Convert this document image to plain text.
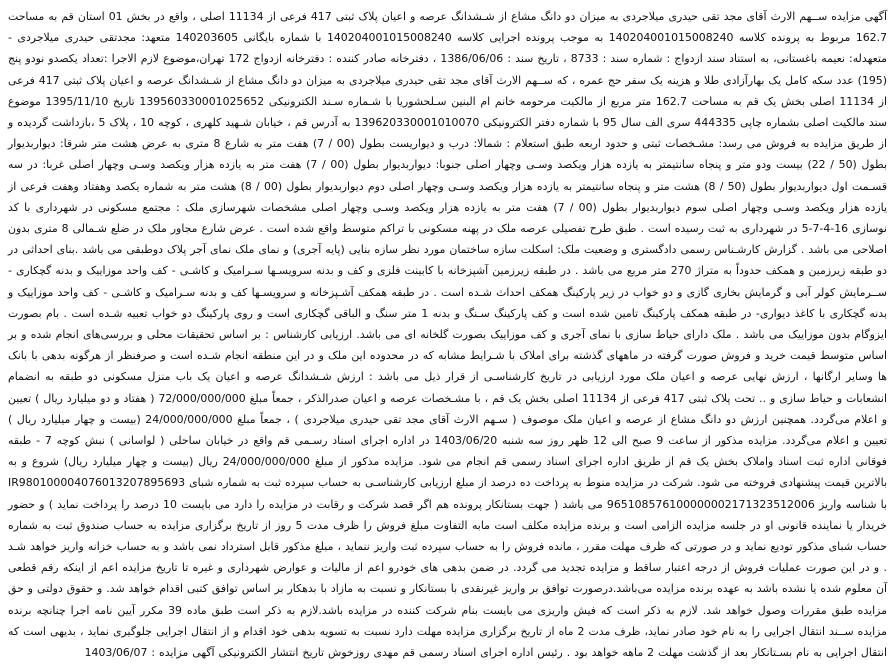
آگهی مزایده ســهم الارث آقای مجد تقی حیدری میلاجردی به میزان دو دانگ مشاع از شـشدانگ عرصه و اعیان پلاک ثبتی 417 فرعی از 11134 اصلی ، واقع در بخش 01 استان قم به مساحت 162.7 مربوط به پرونده کلاسه 140204001015008240 به موجب پرونده اجرایی کلاسه 140204001015008240 با شماره بایگانی 140203605 متعهد: مجدتقی حیدری میلاجردی - متعهدله: نعیمه باغستانی، به استناد سند ازدواج : شماره سند : 8733 ، تاریخ سند : 1386/06/06 ، دفترخانه صادر کننده : دفترخانه ازدواج 172 تهران،موضوع لازم الاجرا :تعداد یکصدو نودو پنج (195) عدد سکه کامل یک بهارآزادی طلا و هزینه یک سفر حج عمره ، که ســهم الارث آقای مجد تقی حیدری میلاجردی به میزان دو دانگ مشاع از شـشدانگ عرصه و اعیان پلاک ثبتی 417 فرعی از 11134 اصلی بخش یک قم به مساحت 162.7 متر مربع از مالکیت مرحومه خانم ام البنین سـلحشوریا با شـماره سـند الکترونیکی 139560330001025652 تاریخ 1395/11/10 موضوع سند مالکیت اصلی بشماره چاپی 444335 سری الف سال 95 با شماره دفتر الکترونیکی 139620330001010070 به آدرس قم ، خیابان شـهید کلهری ، کوچه 10 ، پلاک 5 ،بازداشت گردیده و از طریق مزایده به فروش می رسد: مشـخصات ثبتی و حدود اربعه طبق استعلام : شمالا: درب و دیواریست بطول (00 / 7) هفت متر به شارع 8 متری به عرض هشت متر شرقا: دیواربدیوار بطول (50 / 22) بیست ودو متر و پنجاه سانتیمتر به یازده هزار ویکصد وسـی وچهار اصلی جنوبا: دیواربدیوار بطول (00 / 7) هفت متر به یازده هزار ویکصد وسـی وچهار اصلی غربا: در سه قسـمت اول دیواربدیوار بطول (50 / 8) هشت متر و پنجاه سانتیمتر به یازده هزار ویکصد وسـی وچهار اصلی دوم دیواربدیوار بطول (00 / 8) هشت متر به شماره یکصد وهفتاد وهفت فرعی از یازده هزار ویکصد وسـی وچهار اصلی سوم دیواربدیوار بطول (00 / 7) هفت متر به یازده هزار ویکصد وسـی وچهار اصلی مشخصات شهرسازی ملک : مجتمع مسکونی در شهرداری با کد نوسازی 16-4-7-5 در شهرداری به ثبت رسیده است . طبق طرح تفصیلی عرصه ملک در پهنه مسکونی با تراکم متوسط واقع شده است . عرض شارع مجاور ملک در ضلع شـمالی 8 متری بدون اصلاحی می باشد . گزارش کارشـناس رسمی دادگستری و وضعیت ملک: اسکلت سازه ساختمان مورد نظر سازه بنایی (پایه آجری) و نمای ملک نمای آجر پلاک دوطبقی می باشد .بنای احداثی در دو طبقه زیرزمین و همکف حدوداً به متراژ 270 متر مربع می باشد . در طبقه زیرزمین آشپزخانه با کابینت فلزی و کف و بدنه سرویسـها سـرامیک و کاشـی - کف واحد موزاییک و بدنه گچکاری - ســرمایش کولر آبی و گرمایش بخاری گازی و دو خواب در زیر پارکینگ همکف احداث شـده است . در طبقه همکف آشـپزخانه و سرویسـها کف و بدنه سـرامیک و کاشـی - کف واحد موزاییک و بدنه گچکاری با کاغذ دیواری- در طبقه همکف پارکینگ تامین شده است و کف پارکینگ سـنگ و بدنه 1 متر سنگ و الباقی گچکاری است و روی پارکینگ دو خواب تعبیه شـده است . بام بصورت ایزوگام بدون موزاییک می باشد . ملک دارای حیاط سازی با نمای آجری و کف موزاییک بصورت گلخانه ای می باشد. ارزیابی کارشناس : بر اساس تحقیقات محلی و بررسی‌های انجام شده و بر اساس متوسط قیمت خرید و فروش صورت گرفته در ماههای گذشته برای املاک با شـرایط مشابه که در محدوده این ملک و در این منطقه انجام شـده است و صرفنظر از هرگونه بدهی با بانک ها وسایر ارگانها ، ارزش نهایی عرصه و اعیان ملک مورد ارزیابی در تاریخ کارشناسـی از قرار ذیل می باشد : ارزش شـشدانگ عرصه و اعیان یک باب منزل مسکونی دو طبقه به انضمام انشعابات و حیاط سازی و .. تحت پلاک ثبتی 417 فرعی از 11134 اصلی بخش یک قم ، با مشـخصات عرصه و اعیان صدرالذکر ، جمعاً مبلغ 72/000/000/000 ( هفتاد و دو میلیارد ریال ) تعیین و اعلام می‌گردد. همچنین ارزش دو دانگ مشاع از عرصه و اعیان ملک موصوف ( سـهم الارث آقای مجد تقی حیدری میلاجردی ) ، جمعاً مبلغ 24/000/000/000 (بیست و چهار میلیارد ریال ) تعیین و اعلام می‌گردد. مزایده مذکور از ساعت 9 صبح الی 12 ظهر روز سه شنبه 1403/06/20 در اداره اجرای اسناد رسـمی قم واقع در خیابان ساحلی ( لواسانی ) نبش کوچه 7 - طبقه فوقانی اداره ثبت اسناد واملاک بخش یک قم از طریق اداره اجرای اسناد رسمی قم انجام می شود. مزایده مذکور از مبلغ 24/000/000/000 ریال (بیست و چهار میلیارد ریال) شروع و به بالاترین قیمت پیشنهادی فروخته می شود. شرکت در مزایده منوط به پرداخت ده درصد از مبلغ ارزیابی کارشناسـی به حساب سپرده ثبت به شماره شبای IR980100004076013207895693 با شناسه واریز 965108576100000002171323512006 می باشد ( جهت بستانکار پرونده هم اگر قصد شرکت و رقابت در مزایده را دارد می بایست 10 درصد را پرداخت نماید ) و حضور خریدار یا نماینده قانونی او در جلسه مزایده الزامی است و برنده مزایده مکلف است مابه التفاوت مبلغ فروش را ظرف مدت 5 روز از تاریخ برگزاری مزایده به حساب صندوق ثبت به شماره حساب شبای مذکور تودیع نماید و در صورتی که ظرف مهلت مقرر ، مانده فروش را به حساب سپرده ثبت واریز ننماید ، مبلغ مذکور قابل استرداد نمی باشد و به حساب خزانه واریز خواهد شـد . و در این صورت عملیات فروش از درجه اعتبار ساقط و مزایده تجدید می گردد. در ضمن بدهی های خودرو اعم از مالیات و عوارض شهرداری و غیره تا تاریخ مزایده اعم از اینکه رقم قطعی آن معلوم شده یا نشده باشد به عهده برنده مزایده می‌باشد.درصورت توافق بر واریز غیرنقدی با بستانکار و نسبت به مازاد با بدهکار بر اساس توافق کتبی اقدام خواهد شد. و حقوق دولتی و حق مزایده طبق مقررات وصول خواهد شد. لازم به ذکر است که فیش واریزی می بایست بنام شرکت کننده در مزایده باشد.لازم به ذکر است طبق ماده 39 مکرر آیین نامه اجرا چنانچه برنده مزایده ســند انتقال اجرایی را به نام خود صادر نماید، ظرف مدت 2 ماه از تاریخ برگزاری مزایده مهلت دارد نسبت به تسویه بدهی خود اقدام و از انتقال اجرایی جلوگیری نماید ، بدیهی است که انتقال اجرایی به نام بسـتانکار بعد از گذشت مهلت 2 ماهه خواهد بود . رئیس اداره اجرای اسناد رسمی قم مهدی روزخوش تاریخ انتشار الکترونیکی آگهی مزایده : 1403/06/07
